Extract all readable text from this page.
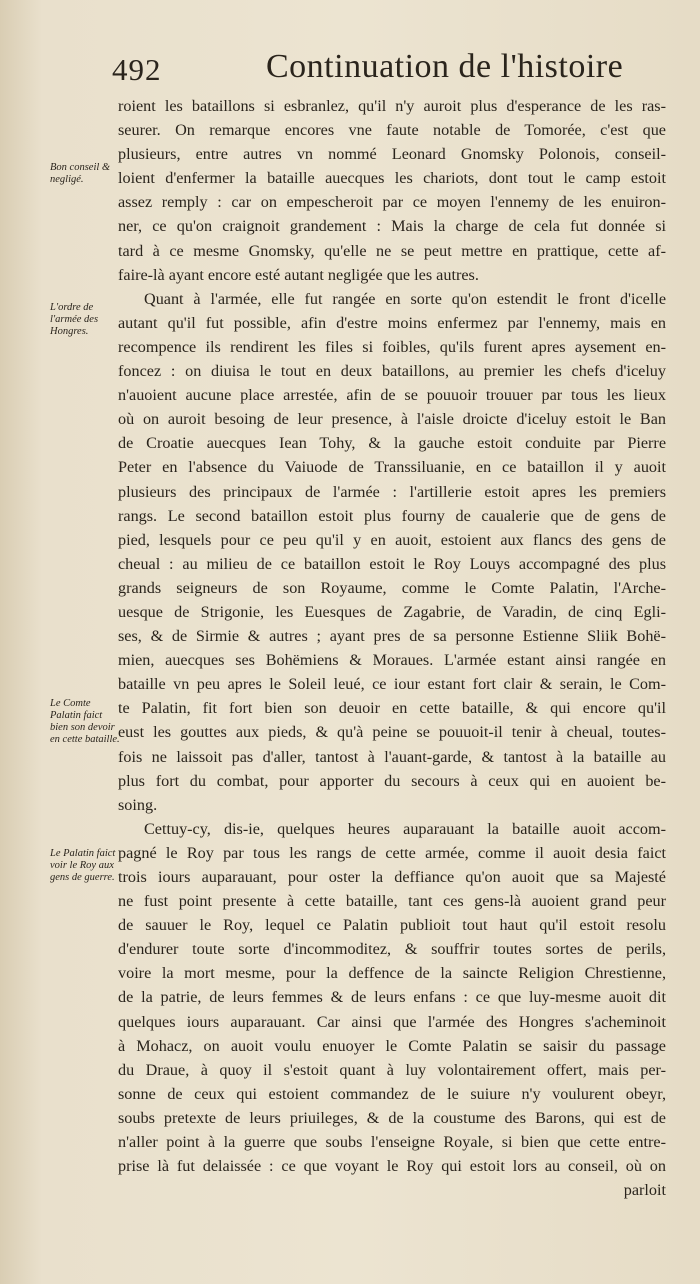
492	Continuation de l'histoire
Bon conseil & negligé.
L'ordre de l'armée des Hongres.
Le Comte Palatin faict bien son devoir en cette bataille.
Le Palatin faict voir le Roy aux gens de guerre.
roient les bataillons si esbranlez, qu'il n'y auroit plus d'esperance de les ras-
seurer. On remarque encores vne faute notable de Tomorée, c'est que
plusieurs, entre autres vn nommé Leonard Gnomsky Polonois, conseil-
loient d'enfermer la bataille auecques les chariots, dont tout le camp estoit
assez remply : car on empescheroit par ce moyen l'ennemy de les enuiron-
ner, ce qu'on craignoit grandement : Mais la charge de cela fut donnée si
tard à ce mesme Gnomsky, qu'elle ne se peut mettre en prattique, cette af-
faire-là ayant encore esté autant negligée que les autres.
Quant à l'armée, elle fut rangée en sorte qu'on estendit le front d'icelle
autant qu'il fut possible, afin d'estre moins enfermez par l'ennemy, mais en
recompence ils rendirent les files si foibles, qu'ils furent apres aysement en-
foncez : on diuisa le tout en deux bataillons, au premier les chefs d'iceluy
n'auoient aucune place arrestée, afin de se pouuoir trouuer par tous les lieux
où on auroit besoing de leur presence, à l'aisle droicte d'iceluy estoit le Ban
de Croatie auecques Iean Tohy, & la gauche estoit conduite par Pierre
Peter en l'absence du Vaiuode de Transsiluanie, en ce bataillon il y auoit
plusieurs des principaux de l'armée : l'artillerie estoit apres les premiers
rangs. Le second bataillon estoit plus fourny de caualerie que de gens de
pied, lesquels pour ce peu qu'il y en auoit, estoient aux flancs des gens de
cheual : au milieu de ce bataillon estoit le Roy Louys accompagné des plus
grands seigneurs de son Royaume, comme le Comte Palatin, l'Arche-
uesque de Strigonie, les Euesques de Zagabrie, de Varadin, de cinq Egli-
ses, & de Sirmie & autres ; ayant pres de sa personne Estienne Sliik Bohë-
mien, auecques ses Bohëmiens & Moraues. L'armée estant ainsi rangée en
bataille vn peu apres le Soleil leué, ce iour estant fort clair & serain, le Com-
te Palatin, fit fort bien son deuoir en cette bataille, & qui encore qu'il
eust les gouttes aux pieds, & qu'à peine se pouuoit-il tenir à cheual, toutes-
fois ne laissoit pas d'aller, tantost à l'auant-garde, & tantost à la bataille au
plus fort du combat, pour apporter du secours à ceux qui en auoient be-
soing.
Cettuy-cy, dis-ie, quelques heures auparauant la bataille auoit accom-
pagné le Roy par tous les rangs de cette armée, comme il auoit desia faict
trois iours auparauant, pour oster la deffiance qu'on auoit que sa Majesté
ne fust point presente à cette bataille, tant ces gens-là auoient grand peur
de sauuer le Roy, lequel ce Palatin publioit tout haut qu'il estoit resolu
d'endurer toute sorte d'incommoditez, & souffrir toutes sortes de perils,
voire la mort mesme, pour la deffence de la saincte Religion Chrestienne,
de la patrie, de leurs femmes & de leurs enfans : ce que luy-mesme auoit dit
quelques iours auparauant. Car ainsi que l'armée des Hongres s'acheminoit
à Mohacz, on auoit voulu enuoyer le Comte Palatin se saisir du passage
du Draue, à quoy il s'estoit quant à luy volontairement offert, mais per-
sonne de ceux qui estoient commandez de le suiure n'y voulurent obeyr,
soubs pretexte de leurs priuileges, & de la coustume des Barons, qui est de
n'aller point à la guerre que soubs l'enseigne Royale, si bien que cette entre-
prise là fut delaissée : ce que voyant le Roy qui estoit lors au conseil, où on
parloit
